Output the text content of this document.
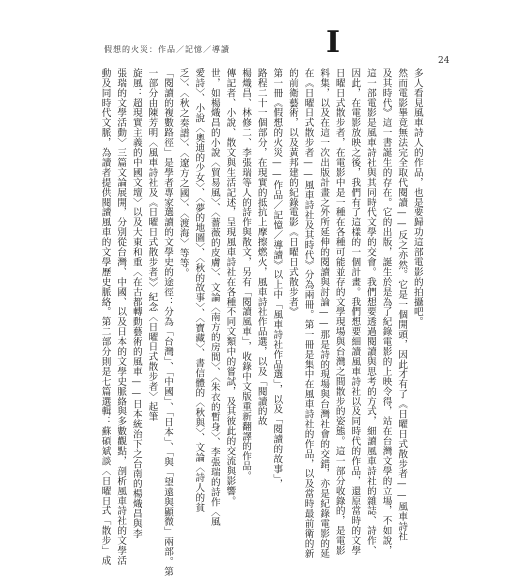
假想的火災：作品／記憶／導讀	I
24
多人看見風車詩人的作品，也是要歸功這部電影的拍攝吧。
然而電影畢竟無法完全取代閱讀——反之亦然。它是一個開頭，因此才有了《日曜日式散步者——風車詩社
及其時代》這一書誕生的存在。它的出版，誕生於是為了紀錄電影的上映令得，站在台灣文學的立場，不如說，
這一部電影是風車詩社與其同時代文學的交會。我們想要透過閱讀與思考的方式，細讀風車詩社的雜誌、詩作、
因此，在電影放映之後，我們有了這樣的一個計畫。我們想要細讀風車詩社以及同時代的作品，還原當時的文學
日曜日式散步者，在電影中是一種在各種可能並存的文學現場與台灣之間散步的姿態。這一部分收錄的，是電影
料集，以及在這一次出版計畫之外所延伸的閱讀與討論——那是詩的現場與台灣社會的交錯，亦是紀錄電影的延
在《日曜日式散步者——風車詩社及其時代》分為兩冊。第一冊是集中在風車詩社的作品，以及當時最前衛的新
的前衛藝術，以及黃邦建的紀錄電影《日曜日式散步者》
第一冊《假想的火災——作品／記憶／導讀》以上中「風車詩社作品選」，以及「閱讀的故事」，
路程二十一個部分，在現實的抵抗上摩擦燃火，風車詩社作品選，以及「閱讀的故
楊熾昌、林修二、李張瑞等人的詩作與散文，另有「閱讀風車」，收錄中文版重新翻譯的作品。
傳記者、小說、散文與生活記述，呈現風車詩社在各種不同文類中的嘗試，及其彼此的交流與影響。
世，如楊熾昌的小說〈貿易風〉、〈薔薇的皮膚〉、文論〈南方的房間〉、〈朱衣的暫身〉、李張瑞的詩作〈風
愛詩〉、小說〈奧迪的少女〉、〈夢的地圖〉、〈秋的故事〉、〈寶藏〉、書信體的〈秋與〉、文論〈詩人的貧
乏〉、〈秋之奏譜〉、〈遼方之國〉、〈渡海〉等等。
「閱讀的複數路徑」是學者專家選讀的文學史的途徑：分為「台灣」、「中國」、「日本」、「與「望遠與顯微」兩部。第
一部分由陳芳明〈風車詩社及《日曜日式散步者》〉紀念〈日曜日式散步者〉起筆
旋風：超現實主義的中國文壇〉以及大東和重〈在古都轉動藝術的風車——日本統治下之台南的楊熾昌與李
張瑞的文學活動〉三篇文論展開，分別從台灣、中國、以及日本的文學史脈絡與多數觀點，剖析風車詩社的文學活
動及同時代文脈，為讀者提供閱讀風車的文學歷史脈絡。第二部分則是七篇選輯：蘇碩斌談〈日曜日式「散步」成
